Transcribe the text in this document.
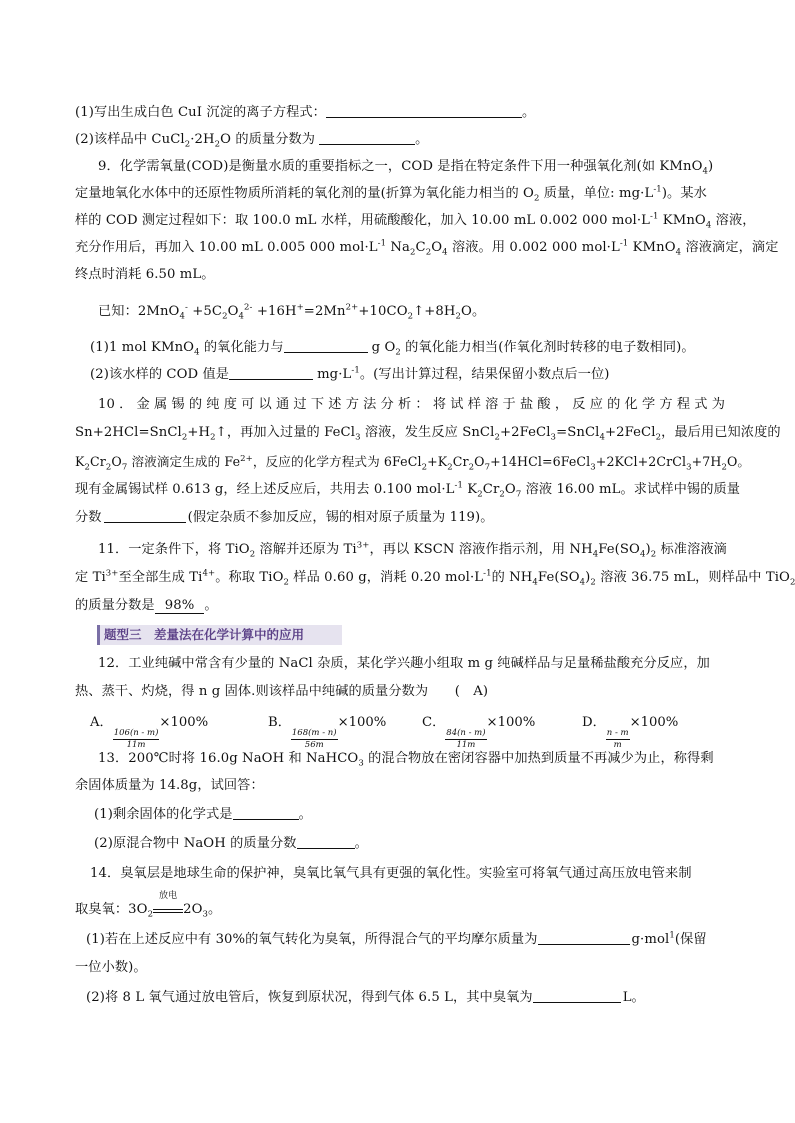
(1)写出生成白色 CuI 沉淀的离子方程式：	。
(2)该样品中 $CuCl_2\cdot 2H_2O$ 的质量分数为	。
9．化学需氧量(COD)是衡量水质的重要指标之一，COD 是指在特定条件下用一种强氧化剂(如 KMnO$_4$)
定量地氧化水体中的还原性物质所消耗的氧化剂的量(折算为氧化能力相当的 $O_2$ 质量，单位: $mg\cdot L^{-1}$)。某水
样的 COD 测定过程如下：取 100.0 mL 水样，用硫酸酸化，加入 10.00 mL 0.002 000 $mol\cdot L^{-1}$ KMnO$_4$ 溶液，
充分作用后，再加入 10.00 mL 0.005 000 $mol\cdot L^{-1}$ $Na_2C_2O_4$ 溶液。用 0.002 000 $mol\cdot L^{-1}$ KMnO$_4$ 溶液滴定，滴定
终点时消耗 6.50 mL。
已知：$2MnO_4^- +5C_2O_4^{2-}$ $+16H^+=2Mn^{2+}+10CO_2↑+8H_2O$。
(1)1 mol KMnO$_4$ 的氧化能力与	g $O_2$ 的氧化能力相当(作氧化剂时转移的电子数相同)。
(2)该水样的 COD 值是	$mg\cdot L^{-1}$。(写出计算过程，结果保留小数点后一位)
10．金属锡的纯度可以通过下述方法分析：将试样溶于盐酸，反应的化学方程式为
$Sn+2HCl=SnCl_2+H_2↑$，再加入过量的 FeCl$_3$ 溶液，发生反应 SnCl$_2$+2FeCl$_3$=SnCl$_4$+2FeCl$_2$，最后用已知浓度的
$K_2Cr_2O_7$ 溶液滴定生成的 $Fe^{2+}$，反应的化学方程式为 $6FeCl_2+K_2Cr_2O_7+14HCl=6FeCl_3+2KCl+2CrCl_3+7H_2O$。
现有金属锡试样 0.613 g，经上述反应后，共用去 0.100 $mol\cdot L^{-1}$ $K_2Cr_2O_7$ 溶液 16.00 mL。求试样中锡的质量
分数	(假定杂质不参加反应，锡的相对原子质量为 119)。
11．一定条件下，将 TiO$_2$ 溶解并还原为 $Ti^{3+}$，再以 KSCN 溶液作指示剂，用 $NH_4Fe(SO_4)_2$ 标准溶液滴
定 $Ti^{3+}$至全部生成 $Ti^{4+}$。称取 TiO$_2$ 样品 0.60 g，消耗 0.20 $mol\cdot L^{-1}$的 $NH_4Fe(SO_4)_2$ 溶液 36.75 mL，则样品中 TiO$_2$
的质量分数是 98% 。
题型三　差量法在化学计算中的应用
12．工业纯碱中常含有少量的 NaCl 杂质，某化学兴趣小组取 m g 纯碱样品与足量稀盐酸充分反应，加
热、蒸干、灼烧，得 n g 固体.则该样品中纯碱的质量分数为　　(　A)
A．
$\frac{106(n - m)}{11m}$
×100%	B．
$\frac{168(m - n)}{56m}$
×100%	C．
$\frac{84(n - m)}{11m}$
×100%	D．
$\frac{n - m}{m}$
×100%
13．200℃时将 16.0g NaOH 和 NaHCO$_3$ 的混合物放在密闭容器中加热到质量不再减少为止，称得剩
余固体质量为 14.8g，试回答：
(1)剩余固体的化学式是	。
(2)原混合物中 NaOH 的质量分数	。
14．臭氧层是地球生命的保护神，臭氧比氧气具有更强的氧化性。实验室可将氧气通过高压放电管来制
取臭氧：$3O_2$
放电
$2O_3$。
(1)若在上述反应中有 30%的氧气转化为臭氧，所得混合气的平均摩尔质量为	g·mol$^1$(保留
一位小数)。
(2)将 8 L 氧气通过放电管后，恢复到原状况，得到气体 6.5 L，其中臭氧为	L。
